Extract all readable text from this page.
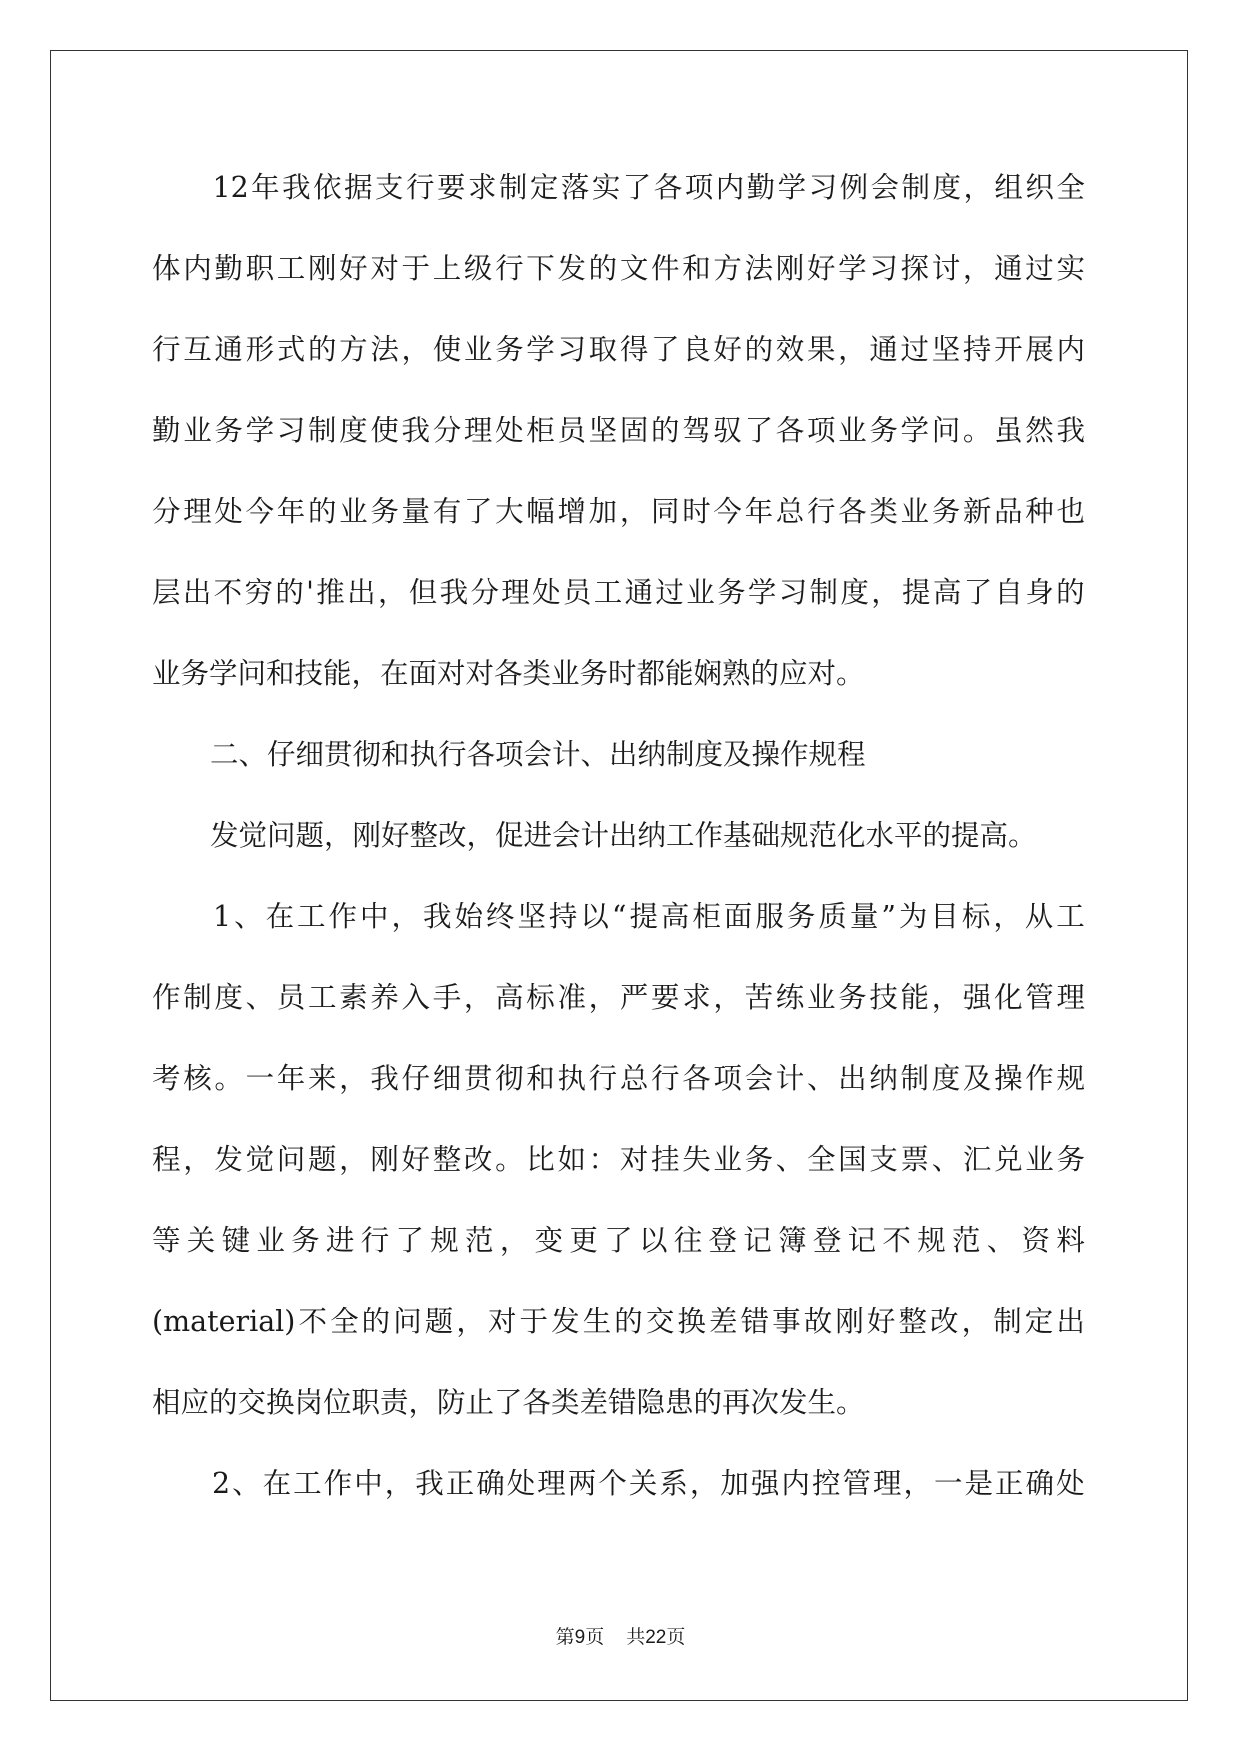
12 年 我 依 据 支 行 要 求 制 定 落 实 了 各 项 内 勤 学 习 例 会 制 度 ， 组 织 全
体 内 勤 职 工 刚 好 对 于 上 级 行 下 发 的 文 件 和 方 法 刚 好 学 习 探 讨 ， 通 过 实
行 互 通 形 式 的 方 法 ， 使 业 务 学 习 取 得 了 良 好 的 效 果 ， 通 过 坚 持 开 展 内
勤 业 务 学 习 制 度 使 我 分 理 处 柜 员 坚 固 的 驾 驭 了 各 项 业 务 学 问 。 虽 然 我
分 理 处 今 年 的 业 务 量 有 了 大 幅 增 加 ， 同 时 今 年 总 行 各 类 业 务 新 品 种 也
层 出 不 穷 的 ' 推 出 ， 但 我 分 理 处 员 工 通 过 业 务 学 习 制 度 ， 提 高 了 自 身 的
业务学问和技能，在面对对各类业务时都能娴熟的应对。
二、仔细贯彻和执行各项会计、出纳制度及操作规程
发觉问题，刚好整改，促进会计出纳工作基础规范化水平的提高。
1 、 在 工 作 中 ， 我 始 终 坚 持 以 “ 提 高 柜 面 服 务 质 量 ” 为 目 标 ， 从 工
作 制 度 、 员 工 素 养 入 手 ， 高 标 准 ， 严 要 求 ， 苦 练 业 务 技 能 ， 强 化 管 理
考 核 。 一 年 来 ， 我 仔 细 贯 彻 和 执 行 总 行 各 项 会 计 、 出 纳 制 度 及 操 作 规
程 ， 发 觉 问 题 ， 刚 好 整 改 。 比 如 ： 对 挂 失 业 务 、 全 国 支 票 、 汇 兑 业 务
等 关 键 业 务 进 行 了 规 范 ， 变 更 了 以 往 登 记 簿 登 记 不 规 范 、 资 料
(material) 不 全 的 问 题 ， 对 于 发 生 的 交 换 差 错 事 故 刚 好 整 改 ， 制 定 出
相应的交换岗位职责，防止了各类差错隐患的再次发生。
2 、 在 工 作 中 ， 我 正 确 处 理 两 个 关 系 ， 加 强 内 控 管 理 ， 一 是 正 确 处
第9页 共22页
